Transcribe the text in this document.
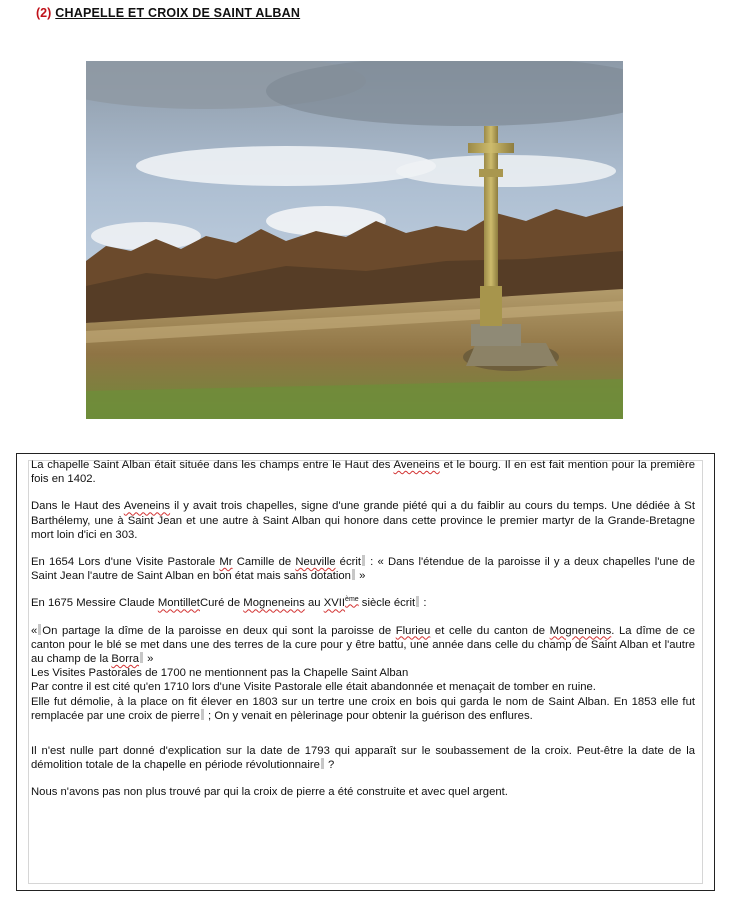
(2) CHAPELLE ET CROIX DE SAINT ALBAN

La chapelle Saint Alban était située dans les champs entre le Haut des Aveneins et le bourg. Il en est fait mention pour la première fois en 1402.

Dans le Haut des Aveneins il y avait trois chapelles, signe d'une grande piété qui a du faiblir au cours du temps. Une dédiée à St Barthélemy, une à Saint Jean et une autre à Saint Alban qui honore dans cette province le premier martyr de la Grande-Bretagne mort loin d'ici en 303.

En 1654 Lors d'une Visite Pastorale Mr Camille de Neuville écrit : « Dans l'étendue de la paroisse il y a deux chapelles l'une de Saint Jean l'autre de Saint Alban en bon état mais sans dotation »

En 1675 Messire Claude MontilletCuré de Mogneneins au XVIIème siècle écrit :

« On partage la dîme de la paroisse en deux qui sont la paroisse de Flurieu et celle du canton de Mogneneins. La dîme de ce canton pour le blé se met dans une des terres de la cure pour y être battu, une année dans celle du champ de Saint Alban et l'autre au champ de la Borra »

Les Visites Pastorales de 1700 ne mentionnent pas la Chapelle Saint Alban

Par contre il est cité qu'en 1710 lors d'une Visite Pastorale elle était abandonnée et menaçait de tomber en ruine.

Elle fut démolie, à la place on fit élever en 1803 sur un tertre une croix en bois qui garda le nom de Saint Alban. En 1853 elle fut remplacée par une croix de pierre ; On y venait en pèlerinage pour obtenir la guérison des enflures.

Il n'est nulle part donné d'explication sur la date de 1793 qui apparaît sur le soubassement de la croix. Peut-être la date de la démolition totale de la chapelle en période révolutionnaire ?

Nous n'avons pas non plus trouvé par qui la croix de pierre a été construite et avec quel argent.
